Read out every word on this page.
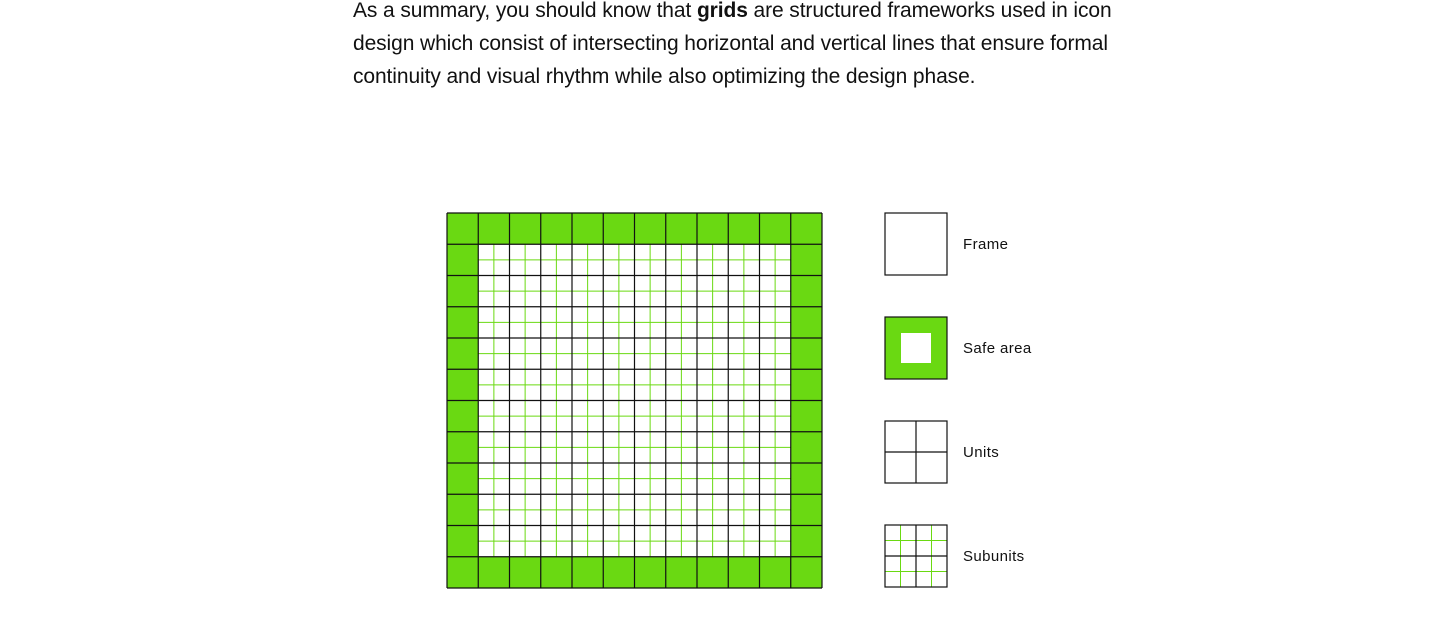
As a summary, you should know that grids are structured frameworks used in icon design which consist of intersecting horizontal and vertical lines that ensure formal continuity and visual rhythm while also optimizing the design phase.

Frame
Safe area
Units
Subunits
